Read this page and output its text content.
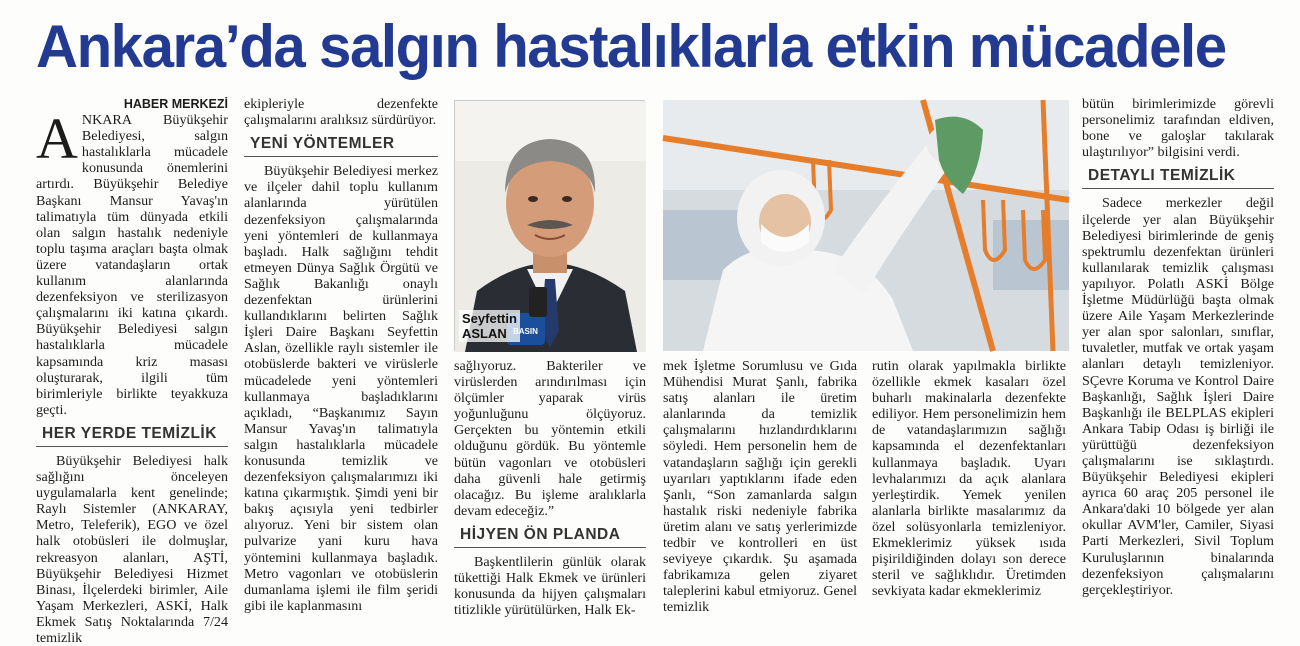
Ankara’da salgın hastalıklarla etkin mücadele

HABER MERKEZİ

ANKARA Büyükşehir Belediyesi, salgın hastalıklarla mücadele konusunda önemlerini artırdı. Büyükşehir Belediye Başkanı Mansur Yavaş'ın talimatıyla tüm dünyada etkili olan salgın hastalık nedeniyle toplu taşıma araçları başta olmak üzere vatandaşların ortak kullanım alanlarında dezenfeksiyon ve sterilizasyon çalışmalarını iki katına çıkardı. Büyükşehir Belediyesi salgın hastalıklarla mücadele kapsamında kriz masası oluşturarak, ilgili tüm birimleriyle birlikte teyakkuza geçti.

HER YERDE TEMİZLİK

Büyükşehir Belediyesi halk sağlığını önceleyen uygulamalarla kent genelinde; Raylı Sistemler (ANKARAY, Metro, Teleferik), EGO ve özel halk otobüsleri ile dolmuşlar, rekreasyon alanları, AŞTİ, Büyükşehir Belediyesi Hizmet Binası, İlçelerdeki birimler, Aile Yaşam Merkezleri, ASKİ, Halk Ekmek Satış Noktalarında 7/24 temizlik

ekipleriyle dezenfekte çalışmalarını aralıksız sürdürüyor.

YENİ YÖNTEMLER

Büyükşehir Belediyesi merkez ve ilçeler dahil toplu kullanım alanlarında yürütülen dezenfeksiyon çalışmalarında yeni yöntemleri de kullanmaya başladı. Halk sağlığını tehdit etmeyen Dünya Sağlık Örgütü ve Sağlık Bakanlığı onaylı dezenfektan ürünlerini kullandıklarını belirten Sağlık İşleri Daire Başkanı Seyfettin Aslan, özellikle raylı sistemler ile otobüslerde bakteri ve virüslerle mücadelede yeni yöntemleri kullanmaya başladıklarını açıkladı, “Başkanımız Sayın Mansur Yavaş'ın talimatıyla salgın hastalıklarla mücadele konusunda temizlik ve dezenfeksiyon çalışmalarımızı iki katına çıkarmıştık. Şimdi yeni bir bakış açısıyla yeni tedbirler alıyoruz. Yeni bir sistem olan pulvarize yani kuru hava yöntemini kullanmaya başladık. Metro vagonları ve otobüslerin dumanlama işlemi ile film şeridi gibi ile kaplanmasını

Seyfettin
ASLAN BASIN

sağlıyoruz. Bakteriler ve virüslerden arındırılması için ölçümler yaparak virüs yoğunluğunu ölçüyoruz. Gerçekten bu yöntemin etkili olduğunu gördük. Bu yöntemle bütün vagonları ve otobüsleri daha güvenli hale getirmiş olacağız. Bu işleme aralıklarla devam edeceğiz.”

HİJYEN ÖN PLANDA

Başkentlilerin günlük olarak tükettiği Halk Ekmek ve ürünleri konusunda da hijyen çalışmaları titizlikle yürütülürken, Halk Ek-

mek İşletme Sorumlusu ve Gıda Mühendisi Murat Şanlı, fabrika satış alanları ile üretim alanlarında da temizlik çalışmalarını hızlandırdıklarını söyledi. Hem personelin hem de vatandaşların sağlığı için gerekli uyarıları yaptıklarını ifade eden Şanlı, “Son zamanlarda salgın hastalık riski nedeniyle fabrika üretim alanı ve satış yerlerimizde tedbir ve kontrolleri en üst seviyeye çıkardık. Şu aşamada fabrikamıza gelen ziyaret taleplerini kabul etmiyoruz. Genel temizlik

rutin olarak yapılmakla birlikte özellikle ekmek kasaları özel buharlı makinalarla dezenfekte ediliyor. Hem personelimizin hem de vatandaşlarımızın sağlığı kapsamında el dezenfektanları kullanmaya başladık. Uyarı levhalarımızı da açık alanlara yerleştirdik. Yemek yenilen alanlarla birlikte masalarımız da özel solüsyonlarla temizleniyor. Ekmeklerimiz yüksek ısıda pişirildiğinden dolayı son derece steril ve sağlıklıdır. Üretimden sevkiyata kadar ekmeklerimiz

bütün birimlerimizde görevli personelimiz tarafından eldiven, bone ve galoşlar takılarak ulaştırılıyor” bilgisini verdi.

DETAYLI TEMİZLİK

Sadece merkezler değil ilçelerde yer alan Büyükşehir Belediyesi birimlerinde de geniş spektrumlu dezenfektan ürünleri kullanılarak temizlik çalışması yapılıyor. Polatlı ASKİ Bölge İşletme Müdürlüğü başta olmak üzere Aile Yaşam Merkezlerinde yer alan spor salonları, sınıflar, tuvaletler, mutfak ve ortak yaşam alanları detaylı temizleniyor. SÇevre Koruma ve Kontrol Daire Başkanlığı, Sağlık İşleri Daire Başkanlığı ile BELPLAS ekipleri Ankara Tabip Odası iş birliği ile yürüttüğü dezenfeksiyon çalışmalarını ise sıklaştırdı. Büyükşehir Belediyesi ekipleri ayrıca 60 araç 205 personel ile Ankara'daki 10 bölgede yer alan okullar AVM'ler, Camiler, Siyasi Parti Merkezleri, Sivil Toplum Kuruluşlarının binalarında dezenfeksiyon çalışmalarını gerçekleştiriyor.
